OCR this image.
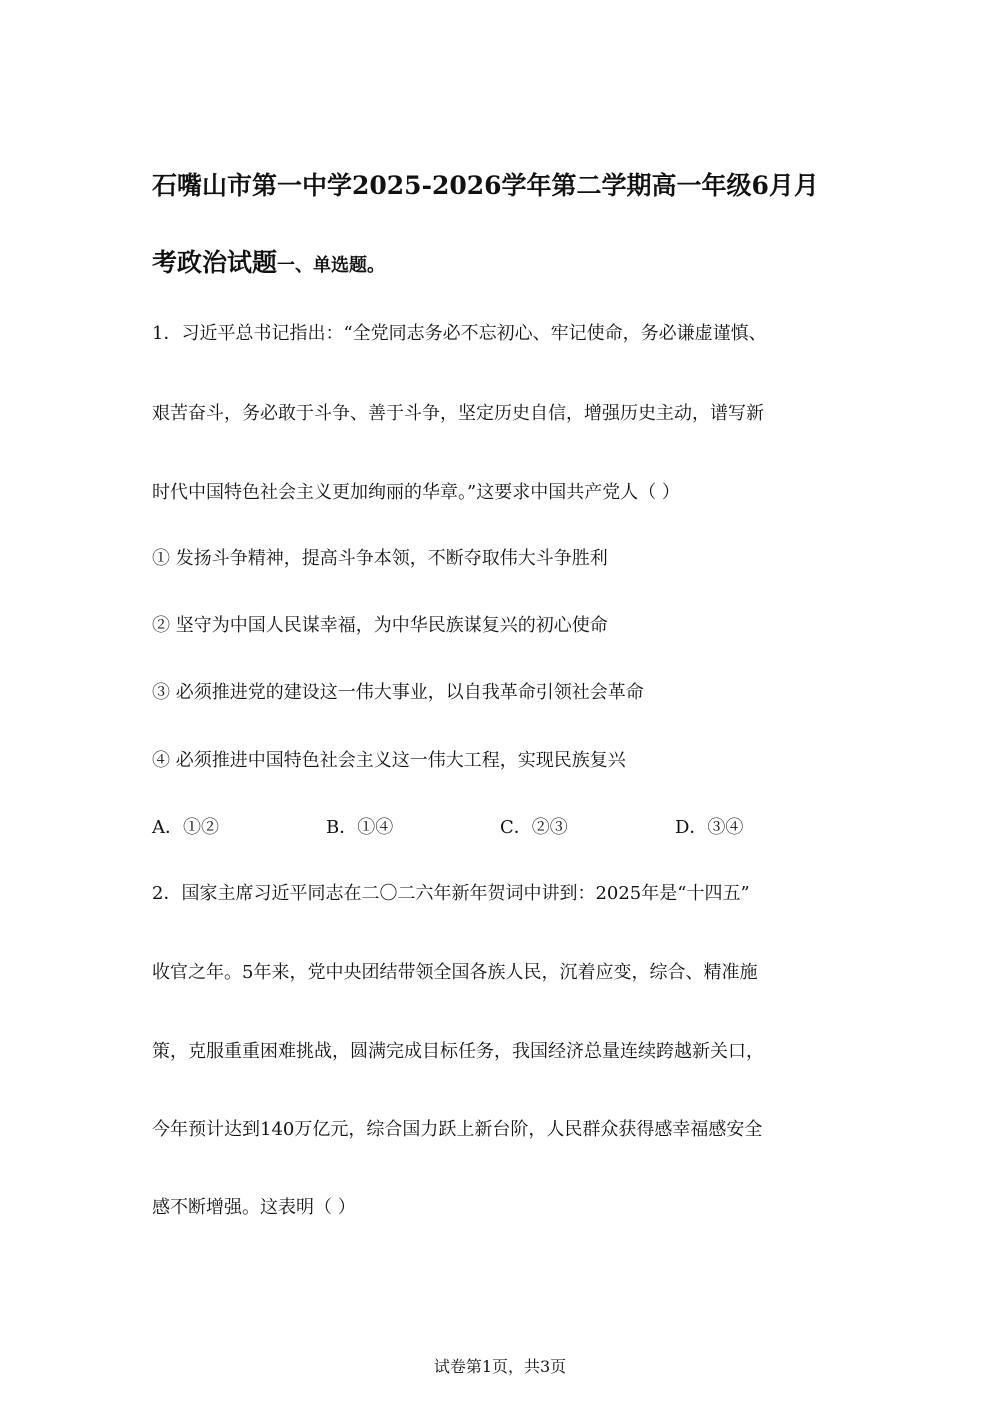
石嘴山市第一中学2025-2026学年第二学期高一年级6月月
考政治试题一、单选题。
1．习近平总书记指出：“全党同志务必不忘初心、牢记使命，务必谦虚谨慎、
艰苦奋斗，务必敢于斗争、善于斗争，坚定历史自信，增强历史主动，谱写新
时代中国特色社会主义更加绚丽的华章。”这要求中国共产党人（ ）
① 发扬斗争精神，提高斗争本领，不断夺取伟大斗争胜利
② 坚守为中国人民谋幸福，为中华民族谋复兴的初心使命
③ 必须推进党的建设这一伟大事业，以自我革命引领社会革命
④ 必须推进中国特色社会主义这一伟大工程，实现民族复兴
A．①②	B．①④	C．②③	D．③④
2．国家主席习近平同志在二〇二六年新年贺词中讲到：2025年是“十四五”
收官之年。5年来，党中央团结带领全国各族人民，沉着应变，综合、精准施
策，克服重重困难挑战，圆满完成目标任务，我国经济总量连续跨越新关口，
今年预计达到140万亿元，综合国力跃上新台阶，人民群众获得感幸福感安全
感不断增强。这表明（ ）
试卷第1页，共3页
